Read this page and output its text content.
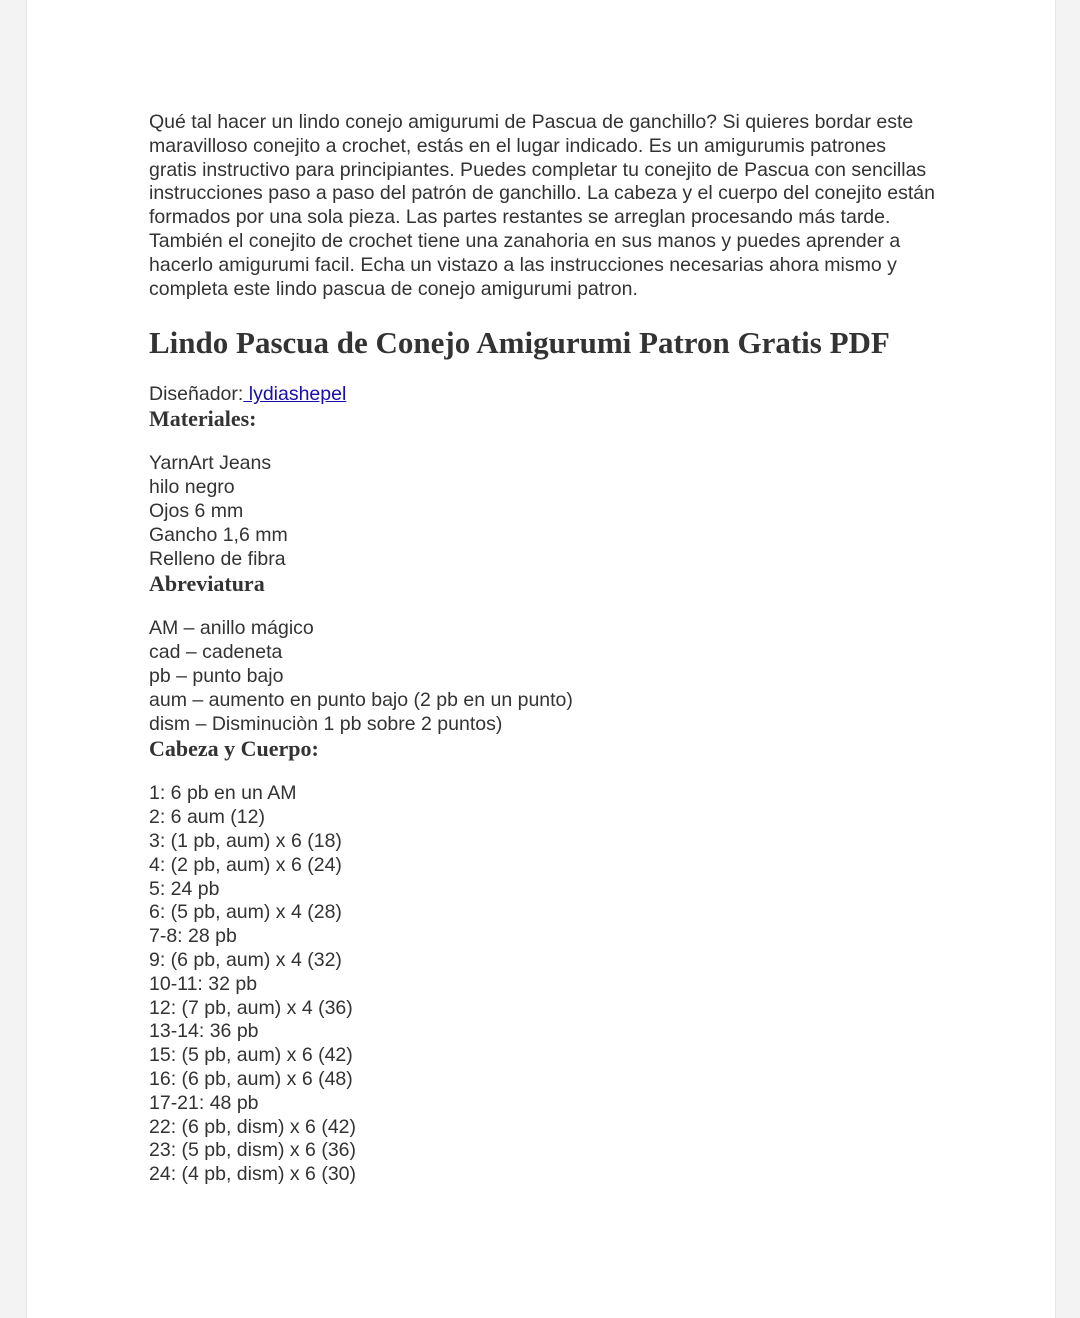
Qué tal hacer un lindo conejo amigurumi de Pascua de ganchillo? Si quieres bordar este maravilloso conejito a crochet, estás en el lugar indicado. Es un amigurumis patrones gratis instructivo para principiantes. Puedes completar tu conejito de Pascua con sencillas instrucciones paso a paso del patrón de ganchillo. La cabeza y el cuerpo del conejito están formados por una sola pieza. Las partes restantes se arreglan procesando más tarde. También el conejito de crochet tiene una zanahoria en sus manos y puedes aprender a hacerlo amigurumi facil. Echa un vistazo a las instrucciones necesarias ahora mismo y completa este lindo pascua de conejo amigurumi patron.

Lindo Pascua de Conejo Amigurumi Patron Gratis PDF

Diseñador: lydiashepel

Materiales:
YarnArt Jeans
hilo negro
Ojos 6 mm
Gancho 1,6 mm
Relleno de fibra
Abreviatura
AM – anillo mágico
cad – cadeneta
pb – punto bajo
aum – aumento en punto bajo (2 pb en un punto)
dism – Disminuciòn 1 pb sobre 2 puntos)
Cabeza y Cuerpo:
1: 6 pb en un AM
2: 6 aum (12)
3: (1 pb, aum) x 6 (18)
4: (2 pb, aum) x 6 (24)
5: 24 pb
6: (5 pb, aum) x 4 (28)
7-8: 28 pb
9: (6 pb, aum) x 4 (32)
10-11: 32 pb
12: (7 pb, aum) x 4 (36)
13-14: 36 pb
15: (5 pb, aum) x 6 (42)
16: (6 pb, aum) x 6 (48)
17-21: 48 pb
22: (6 pb, dism) x 6 (42)
23: (5 pb, dism) x 6 (36)
24: (4 pb, dism) x 6 (30)
